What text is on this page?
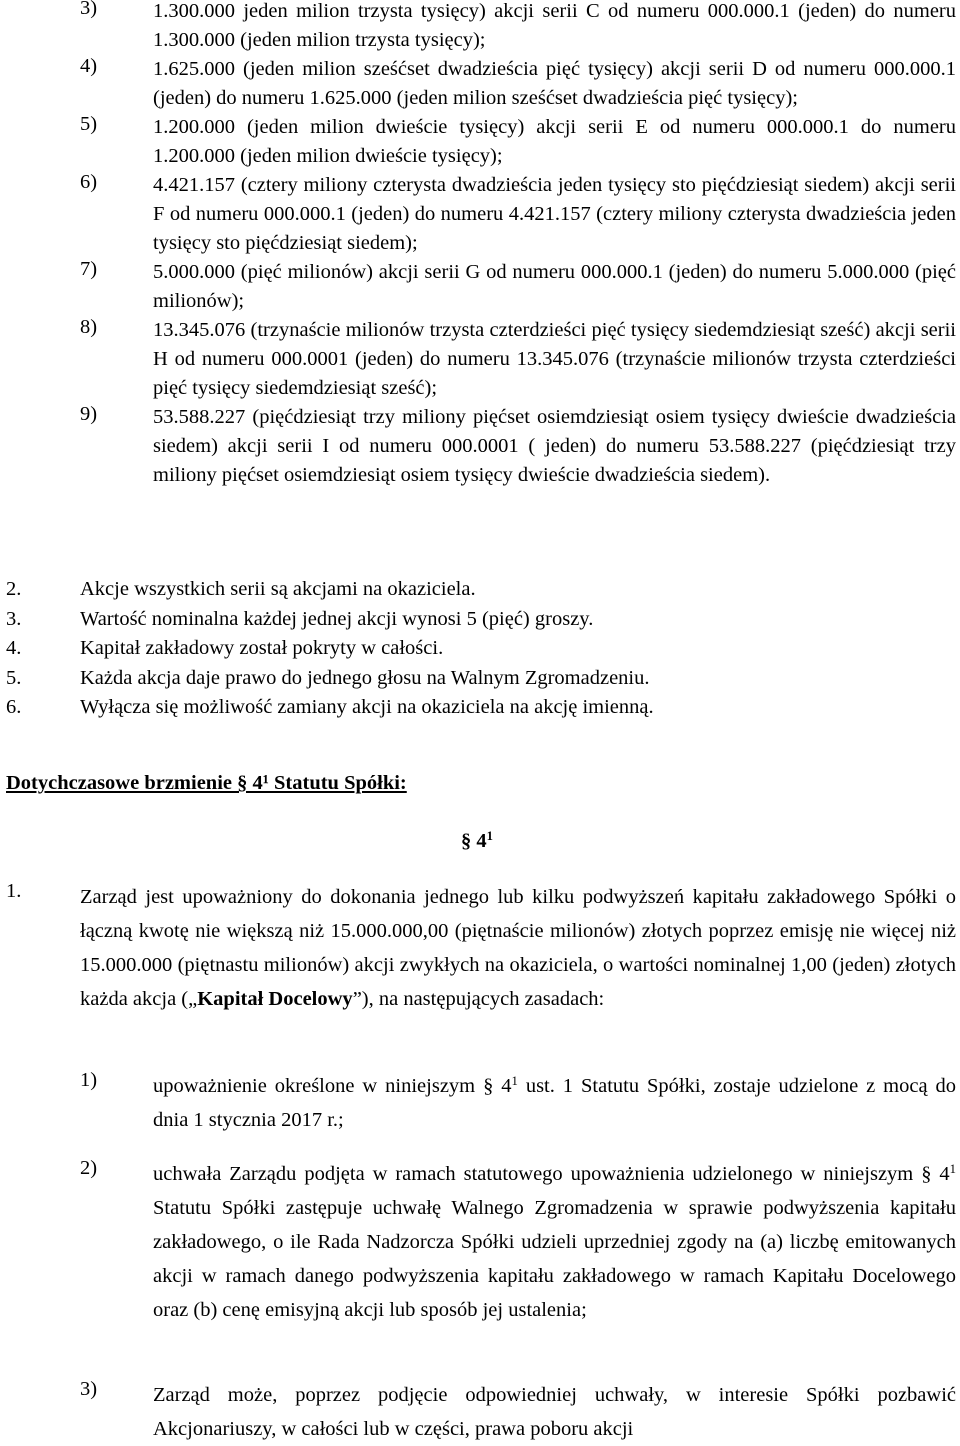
3)	1.300.000 jeden milion trzysta tysięcy) akcji serii C od numeru 000.000.1 (jeden) do numeru 1.300.000 (jeden milion trzysta tysięcy);
4)	1.625.000 (jeden milion sześćset dwadzieścia pięć tysięcy) akcji serii D od numeru 000.000.1 (jeden) do numeru 1.625.000 (jeden milion sześćset dwadzieścia pięć tysięcy);
5)	1.200.000 (jeden milion dwieście tysięcy) akcji serii E od numeru 000.000.1 do numeru 1.200.000 (jeden milion dwieście tysięcy);
6)	4.421.157 (cztery miliony czterysta dwadzieścia jeden tysięcy sto pięćdziesiąt siedem) akcji serii F od numeru 000.000.1 (jeden) do numeru 4.421.157 (cztery miliony czterysta dwadzieścia jeden tysięcy sto pięćdziesiąt siedem);
7)	5.000.000 (pięć milionów) akcji serii G od numeru 000.000.1 (jeden) do numeru 5.000.000 (pięć milionów);
8)	13.345.076 (trzynaście milionów trzysta czterdzieści pięć tysięcy siedemdziesiąt sześć) akcji serii H od numeru 000.0001 (jeden) do numeru 13.345.076 (trzynaście milionów trzysta czterdzieści pięć tysięcy siedemdziesiąt sześć);
9)	53.588.227 (pięćdziesiąt trzy miliony pięćset osiemdziesiąt osiem tysięcy dwieście dwadzieścia siedem) akcji serii I od numeru 000.0001 ( jeden) do numeru 53.588.227 (pięćdziesiąt trzy miliony pięćset osiemdziesiąt osiem tysięcy dwieście dwadzieścia siedem).
2.	Akcje wszystkich serii są akcjami na okaziciela.
3.	Wartość nominalna każdej jednej akcji wynosi 5 (pięć) groszy.
4.	Kapitał zakładowy został pokryty w całości.
5.	Każda akcja daje prawo do jednego głosu na Walnym Zgromadzeniu.
6.	Wyłącza się możliwość zamiany akcji na okaziciela na akcję imienną.
Dotychczasowe brzmienie § 4¹ Statutu Spółki:
§ $4^1$
1.	Zarząd jest upoważniony do dokonania jednego lub kilku podwyższeń kapitału zakładowego Spółki o łączną kwotę nie większą niż 15.000.000,00 (piętnaście milionów) złotych poprzez emisję nie więcej niż 15.000.000 (piętnastu milionów) akcji zwykłych na okaziciela, o wartości nominalnej 1,00 (jeden) złotych każda akcja („Kapitał Docelowy”), na następujących zasadach:
1)	upoważnienie określone w niniejszym § $4^1$ ust. 1 Statutu Spółki, zostaje udzielone z mocą do dnia 1 stycznia 2017 r.;
2)	uchwała Zarządu podjęta w ramach statutowego upoważnienia udzielonego w niniejszym § $4^1$ Statutu Spółki zastępuje uchwałę Walnego Zgromadzenia w sprawie podwyższenia kapitału zakładowego, o ile Rada Nadzorcza Spółki udzieli uprzedniej zgody na (a) liczbę emitowanych akcji w ramach danego podwyższenia kapitału zakładowego w ramach Kapitału Docelowego oraz (b) cenę emisyjną akcji lub sposób jej ustalenia;
3)	Zarząd może, poprzez podjęcie odpowiedniej uchwały, w interesie Spółki pozbawić Akcjonariuszy, w całości lub w części, prawa poboru akcji
